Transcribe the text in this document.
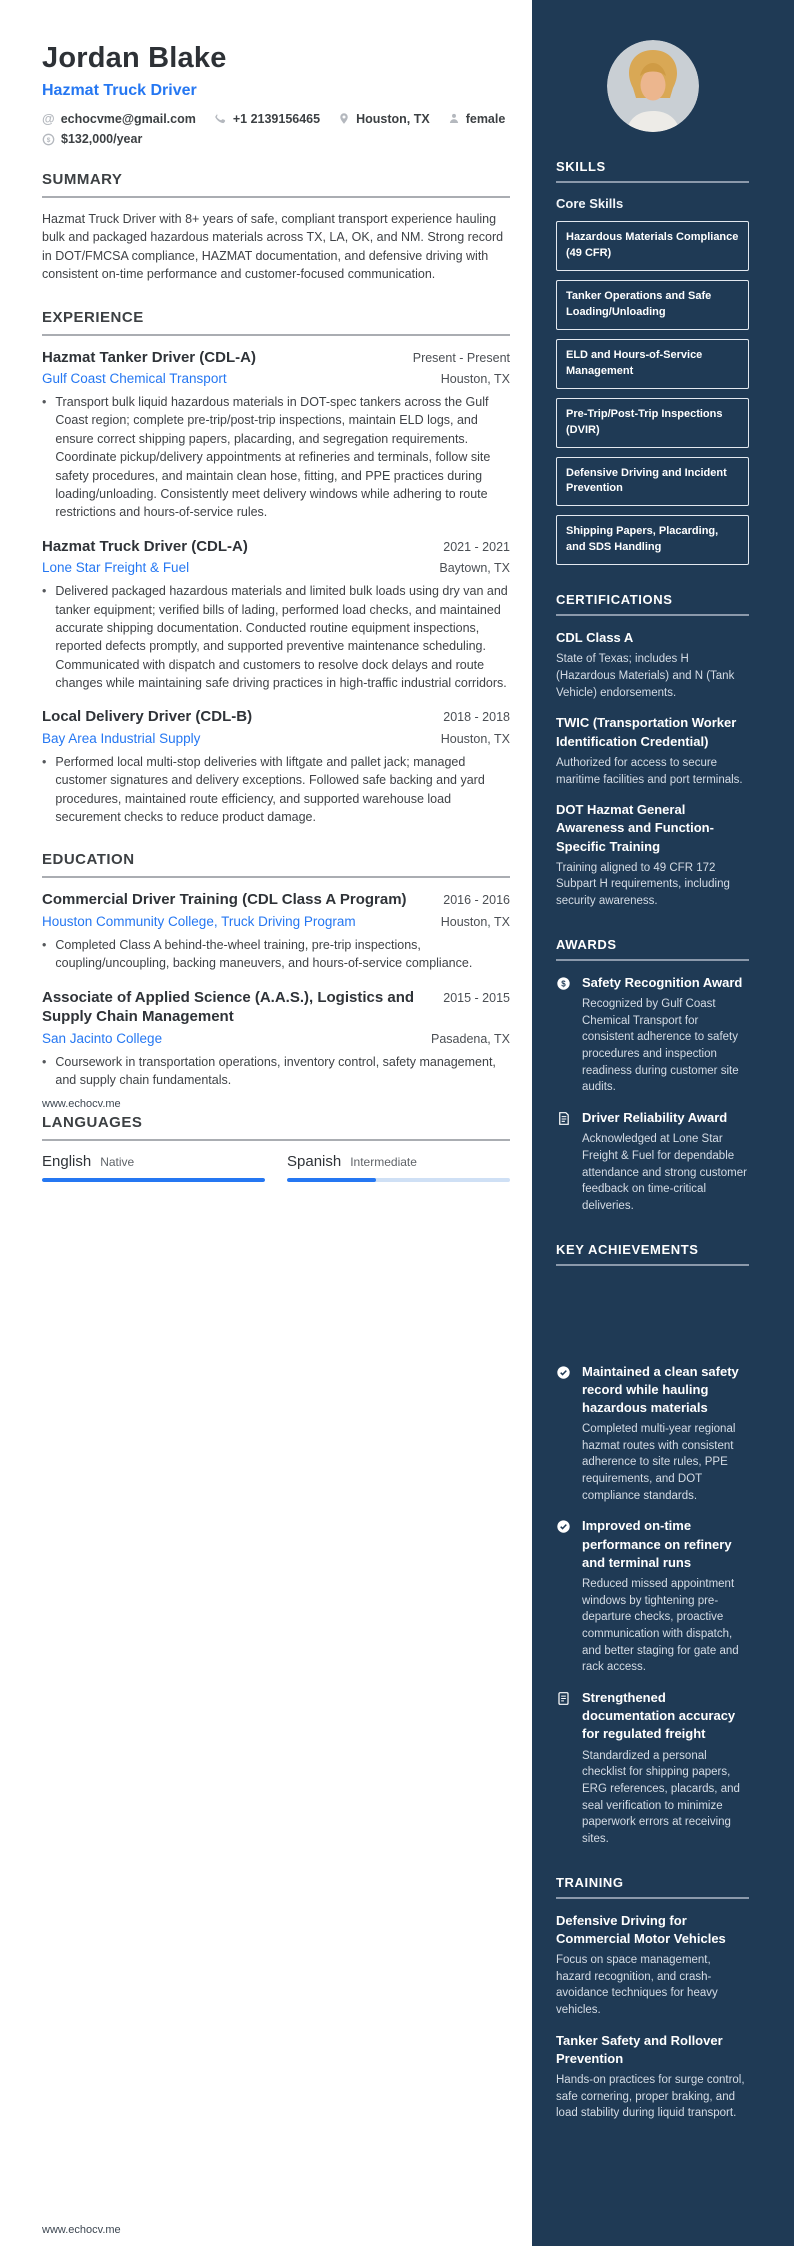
Jordan Blake
Hazmat Truck Driver
@ echocvme@gmail.com	+1 2139156465	Houston, TX	female
$ $132,000/year
SUMMARY

Hazmat Truck Driver with 8+ years of safe, compliant transport experience hauling bulk and packaged hazardous materials across TX, LA, OK, and NM. Strong record in DOT/FMCSA compliance, HAZMAT documentation, and defensive driving with consistent on-time performance and customer-focused communication.

EXPERIENCE
Hazmat Tanker Driver (CDL-A)	Present - Present
Gulf Coast Chemical Transport	Houston, TX
• Transport bulk liquid hazardous materials in DOT-spec tankers across the Gulf Coast region; complete pre-trip/post-trip inspections, maintain ELD logs, and ensure correct shipping papers, placarding, and segregation requirements. Coordinate pickup/delivery appointments at refineries and terminals, follow site safety procedures, and maintain clean hose, fitting, and PPE practices during loading/unloading. Consistently meet delivery windows while adhering to route restrictions and hours-of-service rules.

Hazmat Truck Driver (CDL-A)	2021 - 2021
Lone Star Freight & Fuel	Baytown, TX
• Delivered packaged hazardous materials and limited bulk loads using dry van and tanker equipment; verified bills of lading, performed load checks, and maintained accurate shipping documentation. Conducted routine equipment inspections, reported defects promptly, and supported preventive maintenance scheduling. Communicated with dispatch and customers to resolve dock delays and route changes while maintaining safe driving practices in high-traffic industrial corridors.

Local Delivery Driver (CDL-B)	2018 - 2018
Bay Area Industrial Supply	Houston, TX
• Performed local multi-stop deliveries with liftgate and pallet jack; managed customer signatures and delivery exceptions. Followed safe backing and yard procedures, maintained route efficiency, and supported warehouse load securement checks to reduce product damage.

EDUCATION
Commercial Driver Training (CDL Class A Program)	2016 - 2016
Houston Community College, Truck Driving Program	Houston, TX
• Completed Class A behind-the-wheel training, pre-trip inspections, coupling/uncoupling, backing maneuvers, and hours-of-service compliance.

Associate of Applied Science (A.A.S.), Logistics and Supply Chain Management
2015 - 2015
San Jacinto College	Pasadena, TX
• Coursework in transportation operations, inventory control, safety management, and supply chain fundamentals.

LANGUAGES
English Native	Spanish Intermediate
www.echocv.me
www.echocv.me
SKILLS
Core Skills
Hazardous Materials Compliance (49 CFR)
Tanker Operations and Safe Loading/Unloading
ELD and Hours-of-Service Management
Pre-Trip/Post-Trip Inspections (DVIR)
Defensive Driving and Incident Prevention
Shipping Papers, Placarding, and SDS Handling
CERTIFICATIONS
CDL Class A
State of Texas; includes H (Hazardous Materials) and N (Tank Vehicle) endorsements.
TWIC (Transportation Worker Identification Credential)
Authorized for access to secure maritime facilities and port terminals.
DOT Hazmat General Awareness and Function-Specific Training
Training aligned to 49 CFR 172 Subpart H requirements, including security awareness.
AWARDS
$ Safety Recognition Award
Recognized by Gulf Coast Chemical Transport for consistent adherence to safety procedures and inspection readiness during customer site audits.
Driver Reliability Award
Acknowledged at Lone Star Freight & Fuel for dependable attendance and strong customer feedback on time-critical deliveries.
KEY ACHIEVEMENTS
Maintained a clean safety record while hauling hazardous materials
Completed multi-year regional hazmat routes with consistent adherence to site rules, PPE requirements, and DOT compliance standards.
Improved on-time performance on refinery and terminal runs
Reduced missed appointment windows by tightening pre-departure checks, proactive communication with dispatch, and better staging for gate and rack access.
Strengthened documentation accuracy for regulated freight
Standardized a personal checklist for shipping papers, ERG references, placards, and seal verification to minimize paperwork errors at receiving sites.
TRAINING
Defensive Driving for Commercial Motor Vehicles
Focus on space management, hazard recognition, and crash-avoidance techniques for heavy vehicles.
Tanker Safety and Rollover Prevention
Hands-on practices for surge control, safe cornering, proper braking, and load stability during liquid transport.
